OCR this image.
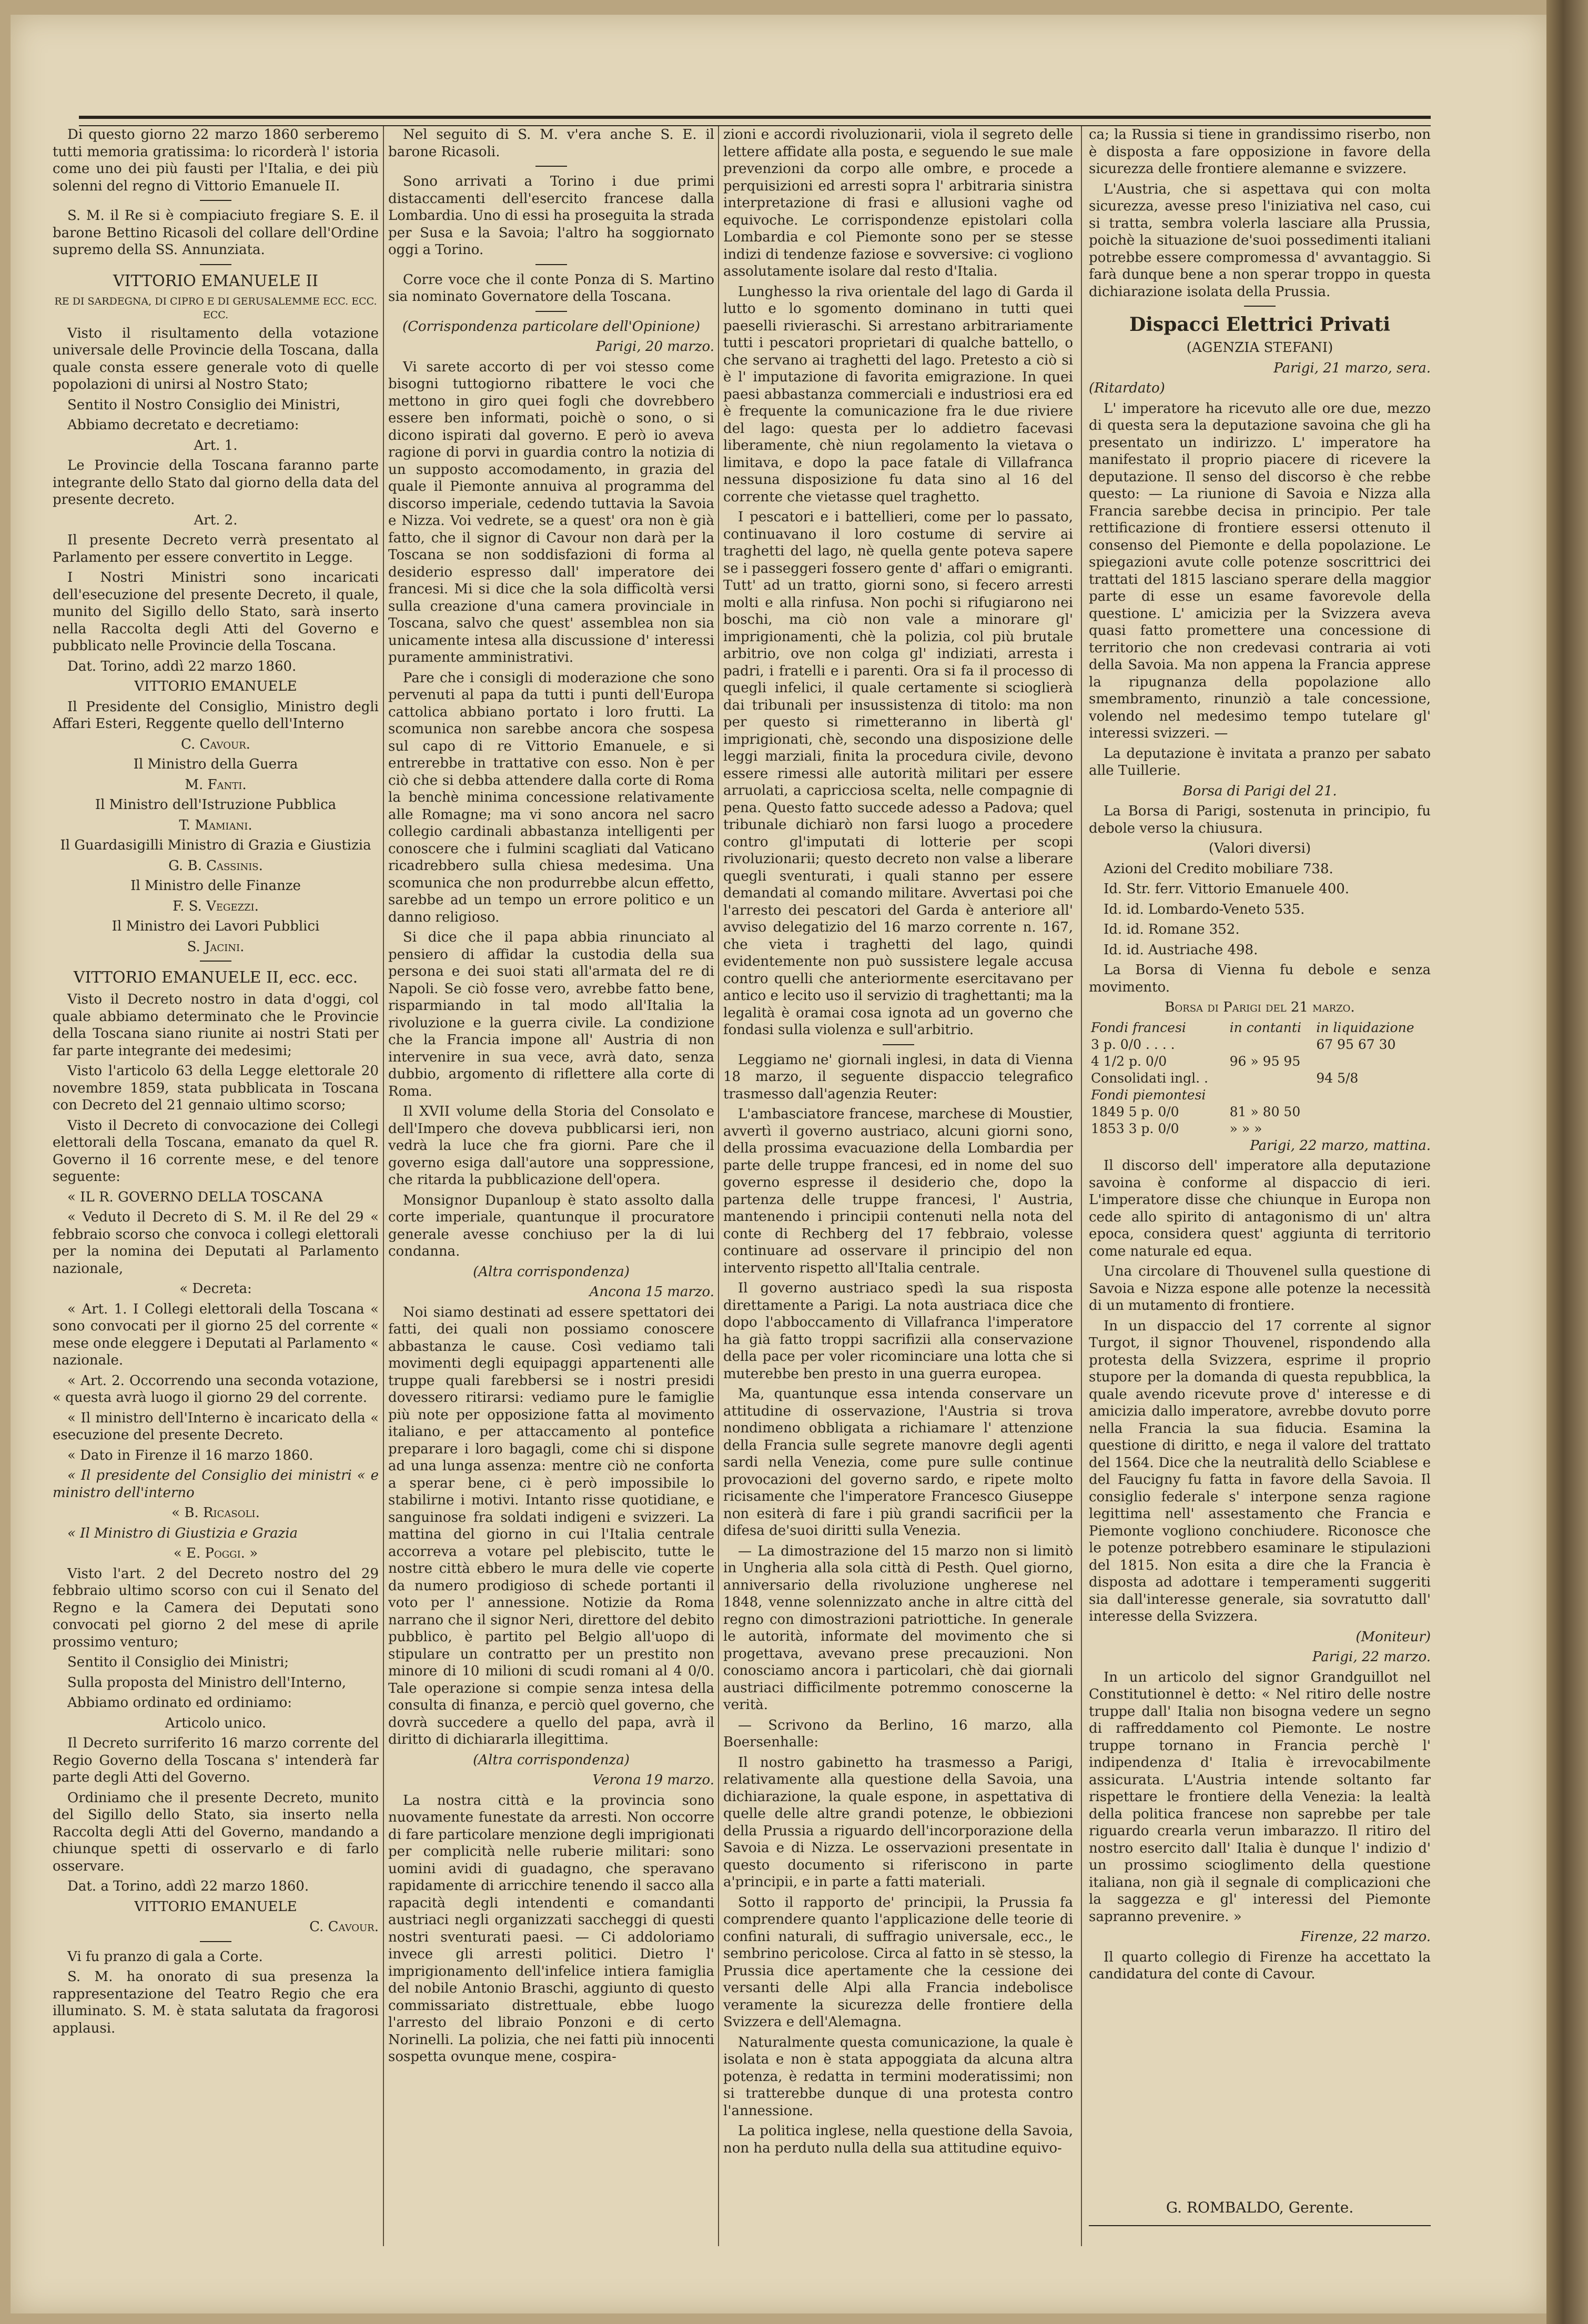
Di questo giorno 22 marzo 1860 serberemo tutti memoria gratissima: lo ricorderà l' istoria come uno dei più fausti per l'Italia, e dei più solenni del regno di Vittorio Emanuele II.

S. M. il Re si è compiaciuto fregiare S. E. il barone Bettino Ricasoli del collare dell'Ordine supremo della SS. Annunziata.

VITTORIO EMANUELE II

RE DI SARDEGNA, DI CIPRO E DI GERUSALEMME ECC. ECC. ECC.

Visto il risultamento della votazione universale delle Provincie della Toscana, dalla quale consta essere generale voto di quelle popolazioni di unirsi al Nostro Stato;

Sentito il Nostro Consiglio dei Ministri,

Abbiamo decretato e decretiamo:

Art. 1.

Le Provincie della Toscana faranno parte integrante dello Stato dal giorno della data del presente decreto.

Art. 2.

Il presente Decreto verrà presentato al Parlamento per essere convertito in Legge.

I Nostri Ministri sono incaricati dell'esecuzione del presente Decreto, il quale, munito del Sigillo dello Stato, sarà inserto nella Raccolta degli Atti del Governo e pubblicato nelle Provincie della Toscana.

Dat. Torino, addì 22 marzo 1860.

VITTORIO EMANUELE

Il Presidente del Consiglio, Ministro degli Affari Esteri, Reggente quello dell'Interno

C. Cavour.

Il Ministro della Guerra

M. Fanti.

Il Ministro dell'Istruzione Pubblica

T. Mamiani.

Il Guardasigilli Ministro di Grazia e Giustizia

G. B. Cassinis.

Il Ministro delle Finanze

F. S. Vegezzi.

Il Ministro dei Lavori Pubblici

S. Jacini.

VITTORIO EMANUELE II, ecc. ecc.

Visto il Decreto nostro in data d'oggi, col quale abbiamo determinato che le Provincie della Toscana siano riunite ai nostri Stati per far parte integrante dei medesimi;

Visto l'articolo 63 della Legge elettorale 20 novembre 1859, stata pubblicata in Toscana con Decreto del 21 gennaio ultimo scorso;

Visto il Decreto di convocazione dei Collegi elettorali della Toscana, emanato da quel R. Governo il 16 corrente mese, e del tenore seguente:

« IL R. GOVERNO DELLA TOSCANA

« Veduto il Decreto di S. M. il Re del 29 « febbraio scorso che convoca i collegi elettorali per la nomina dei Deputati al Parlamento nazionale,

« Decreta:

« Art. 1. I Collegi elettorali della Toscana « sono convocati per il giorno 25 del corrente « mese onde eleggere i Deputati al Parlamento « nazionale.

« Art. 2. Occorrendo una seconda votazione, « questa avrà luogo il giorno 29 del corrente.

« Il ministro dell'Interno è incaricato della « esecuzione del presente Decreto.

« Dato in Firenze il 16 marzo 1860.

« Il presidente del Consiglio dei ministri « e ministro dell'interno

« B. Ricasoli.

« Il Ministro di Giustizia e Grazia

« E. Poggi. »

Visto l'art. 2 del Decreto nostro del 29 febbraio ultimo scorso con cui il Senato del Regno e la Camera dei Deputati sono convocati pel giorno 2 del mese di aprile prossimo venturo;

Sentito il Consiglio dei Ministri;

Sulla proposta del Ministro dell'Interno,

Abbiamo ordinato ed ordiniamo:

Articolo unico.

Il Decreto surriferito 16 marzo corrente del Regio Governo della Toscana s' intenderà far parte degli Atti del Governo.

Ordiniamo che il presente Decreto, munito del Sigillo dello Stato, sia inserto nella Raccolta degli Atti del Governo, mandando a chiunque spetti di osservarlo e di farlo osservare.

Dat. a Torino, addì 22 marzo 1860.

VITTORIO EMANUELE

C. Cavour.

Vi fu pranzo di gala a Corte.

S. M. ha onorato di sua presenza la rappresentazione del Teatro Regio che era illuminato. S. M. è stata salutata da fragorosi applausi.

Nel seguito di S. M. v'era anche S. E. il barone Ricasoli.

Sono arrivati a Torino i due primi distaccamenti dell'esercito francese dalla Lombardia. Uno di essi ha proseguita la strada per Susa e la Savoia; l'altro ha soggiornato oggi a Torino.

Corre voce che il conte Ponza di S. Martino sia nominato Governatore della Toscana.

(Corrispondenza particolare dell'Opinione)

Parigi, 20 marzo.

Vi sarete accorto di per voi stesso come bisogni tuttogiorno ribattere le voci che mettono in giro quei fogli che dovrebbero essere ben informati, poichè o sono, o si dicono ispirati dal governo. E però io aveva ragione di porvi in guardia contro la notizia di un supposto accomodamento, in grazia del quale il Piemonte annuiva al programma del discorso imperiale, cedendo tuttavia la Savoia e Nizza. Voi vedrete, se a quest' ora non è già fatto, che il signor di Cavour non darà per la Toscana se non soddisfazioni di forma al desiderio espresso dall' imperatore dei francesi. Mi si dice che la sola difficoltà versi sulla creazione d'una camera provinciale in Toscana, salvo che quest' assemblea non sia unicamente intesa alla discussione d' interessi puramente amministrativi.

Pare che i consigli di moderazione che sono pervenuti al papa da tutti i punti dell'Europa cattolica abbiano portato i loro frutti. La scomunica non sarebbe ancora che sospesa sul capo di re Vittorio Emanuele, e si entrerebbe in trattative con esso. Non è per ciò che si debba attendere dalla corte di Roma la benchè minima concessione relativamente alle Romagne; ma vi sono ancora nel sacro collegio cardinali abbastanza intelligenti per conoscere che i fulmini scagliati dal Vaticano ricadrebbero sulla chiesa medesima. Una scomunica che non produrrebbe alcun effetto, sarebbe ad un tempo un errore politico e un danno religioso.

Si dice che il papa abbia rinunciato al pensiero di affidar la custodia della sua persona e dei suoi stati all'armata del re di Napoli. Se ciò fosse vero, avrebbe fatto bene, risparmiando in tal modo all'Italia la rivoluzione e la guerra civile. La condizione che la Francia impone all' Austria di non intervenire in sua vece, avrà dato, senza dubbio, argomento di riflettere alla corte di Roma.

Il XVII volume della Storia del Consolato e dell'Impero che doveva pubblicarsi ieri, non vedrà la luce che fra giorni. Pare che il governo esiga dall'autore una soppressione, che ritarda la pubblicazione dell'opera.

Monsignor Dupanloup è stato assolto dalla corte imperiale, quantunque il procuratore generale avesse conchiuso per la di lui condanna.

(Altra corrispondenza)

Ancona 15 marzo.

Noi siamo destinati ad essere spettatori dei fatti, dei quali non possiamo conoscere abbastanza le cause. Così vediamo tali movimenti degli equipaggi appartenenti alle truppe quali farebbersi se i nostri presidi dovessero ritirarsi: vediamo pure le famiglie più note per opposizione fatta al movimento italiano, e per attaccamento al pontefice preparare i loro bagagli, come chi si dispone ad una lunga assenza: mentre ciò ne conforta a sperar bene, ci è però impossibile lo stabilirne i motivi. Intanto risse quotidiane, e sanguinose fra soldati indigeni e svizzeri. La mattina del giorno in cui l'Italia centrale accorreva a votare pel plebiscito, tutte le nostre città ebbero le mura delle vie coperte da numero prodigioso di schede portanti il voto per l' annessione. Notizie da Roma narrano che il signor Neri, direttore del debito pubblico, è partito pel Belgio all'uopo di stipulare un contratto per un prestito non minore di 10 milioni di scudi romani al 4 0/0. Tale operazione si compie senza intesa della consulta di finanza, e perciò quel governo, che dovrà succedere a quello del papa, avrà il diritto di dichiararla illegittima.

(Altra corrispondenza)

Verona 19 marzo.

La nostra città e la provincia sono nuovamente funestate da arresti. Non occorre di fare particolare menzione degli imprigionati per complicità nelle ruberie militari: sono uomini avidi di guadagno, che speravano rapidamente di arricchire tenendo il sacco alla rapacità degli intendenti e comandanti austriaci negli organizzati saccheggi di questi nostri sventurati paesi. — Ci addoloriamo invece gli arresti politici. Dietro l' imprigionamento dell'infelice intiera famiglia del nobile Antonio Braschi, aggiunto di questo commissariato distrettuale, ebbe luogo l'arresto del libraio Ponzoni e di certo Norinelli. La polizia, che nei fatti più innocenti sospetta ovunque mene, cospira-

zioni e accordi rivoluzionarii, viola il segreto delle lettere affidate alla posta, e seguendo le sue male prevenzioni da corpo alle ombre, e procede a perquisizioni ed arresti sopra l' arbitraria sinistra interpretazione di frasi e allusioni vaghe od equivoche. Le corrispondenze epistolari colla Lombardia e col Piemonte sono per se stesse indizi di tendenze faziose e sovversive: ci vogliono assolutamente isolare dal resto d'Italia.

Lunghesso la riva orientale del lago di Garda il lutto e lo sgomento dominano in tutti quei paeselli rivieraschi. Si arrestano arbitrariamente tutti i pescatori proprietari di qualche battello, o che servano ai traghetti del lago. Pretesto a ciò si è l' imputazione di favorita emigrazione. In quei paesi abbastanza commerciali e industriosi era ed è frequente la comunicazione fra le due riviere del lago: questa per lo addietro facevasi liberamente, chè niun regolamento la vietava o limitava, e dopo la pace fatale di Villafranca nessuna disposizione fu data sino al 16 del corrente che vietasse quel traghetto.

I pescatori e i battellieri, come per lo passato, continuavano il loro costume di servire ai traghetti del lago, nè quella gente poteva sapere se i passeggeri fossero gente d' affari o emigranti. Tutt' ad un tratto, giorni sono, si fecero arresti molti e alla rinfusa. Non pochi si rifugiarono nei boschi, ma ciò non vale a minorare gl' imprigionamenti, chè la polizia, col più brutale arbitrio, ove non colga gl' indiziati, arresta i padri, i fratelli e i parenti. Ora si fa il processo di quegli infelici, il quale certamente si scioglierà dai tribunali per insussistenza di titolo: ma non per questo si rimetteranno in libertà gl' imprigionati, chè, secondo una disposizione delle leggi marziali, finita la procedura civile, devono essere rimessi alle autorità militari per essere arruolati, a capricciosa scelta, nelle compagnie di pena. Questo fatto succede adesso a Padova; quel tribunale dichiarò non farsi luogo a procedere contro gl'imputati di lotterie per scopi rivoluzionarii; questo decreto non valse a liberare quegli sventurati, i quali stanno per essere demandati al comando militare. Avvertasi poi che l'arresto dei pescatori del Garda è anteriore all' avviso delegatizio del 16 marzo corrente n. 167, che vieta i traghetti del lago, quindi evidentemente non può sussistere legale accusa contro quelli che anteriormente esercitavano per antico e lecito uso il servizio di traghettanti; ma la legalità è oramai cosa ignota ad un governo che fondasi sulla violenza e sull'arbitrio.

Leggiamo ne' giornali inglesi, in data di Vienna 18 marzo, il seguente dispaccio telegrafico trasmesso dall'agenzia Reuter:

L'ambasciatore francese, marchese di Moustier, avvertì il governo austriaco, alcuni giorni sono, della prossima evacuazione della Lombardia per parte delle truppe francesi, ed in nome del suo governo espresse il desiderio che, dopo la partenza delle truppe francesi, l' Austria, mantenendo i principii contenuti nella nota del conte di Rechberg del 17 febbraio, volesse continuare ad osservare il principio del non intervento rispetto all'Italia centrale.

Il governo austriaco spedì la sua risposta direttamente a Parigi. La nota austriaca dice che dopo l'abboccamento di Villafranca l'imperatore ha già fatto troppi sacrifizii alla conservazione della pace per voler ricominciare una lotta che si muterebbe ben presto in una guerra europea.

Ma, quantunque essa intenda conservare un attitudine di osservazione, l'Austria si trova nondimeno obbligata a richiamare l' attenzione della Francia sulle segrete manovre degli agenti sardi nella Venezia, come pure sulle continue provocazioni del governo sardo, e ripete molto ricisamente che l'imperatore Francesco Giuseppe non esiterà di fare i più grandi sacrificii per la difesa de'suoi diritti sulla Venezia.

— La dimostrazione del 15 marzo non si limitò in Ungheria alla sola città di Pesth. Quel giorno, anniversario della rivoluzione ungherese nel 1848, venne solennizzato anche in altre città del regno con dimostrazioni patriottiche. In generale le autorità, informate del movimento che si progettava, avevano prese precauzioni. Non conosciamo ancora i particolari, chè dai giornali austriaci difficilmente potremmo conoscerne la verità.

— Scrivono da Berlino, 16 marzo, alla Boersenhalle:

Il nostro gabinetto ha trasmesso a Parigi, relativamente alla questione della Savoia, una dichiarazione, la quale espone, in aspettativa di quelle delle altre grandi potenze, le obbiezioni della Prussia a riguardo dell'incorporazione della Savoia e di Nizza. Le osservazioni presentate in questo documento si riferiscono in parte a'principii, e in parte a fatti materiali.

Sotto il rapporto de' principii, la Prussia fa comprendere quanto l'applicazione delle teorie di confini naturali, di suffragio universale, ecc., le sembrino pericolose. Circa al fatto in sè stesso, la Prussia dice apertamente che la cessione dei versanti delle Alpi alla Francia indebolisce veramente la sicurezza delle frontiere della Svizzera e dell'Alemagna.

Naturalmente questa comunicazione, la quale è isolata e non è stata appoggiata da alcuna altra potenza, è redatta in termini moderatissimi; non si tratterebbe dunque di una protesta contro l'annessione.

La politica inglese, nella questione della Savoia, non ha perduto nulla della sua attitudine equivo-

ca; la Russia si tiene in grandissimo riserbo, non è disposta a fare opposizione in favore della sicurezza delle frontiere alemanne e svizzere.

L'Austria, che si aspettava qui con molta sicurezza, avesse preso l'iniziativa nel caso, cui si tratta, sembra volerla lasciare alla Prussia, poichè la situazione de'suoi possedimenti italiani potrebbe essere compromessa d' avvantaggio. Si farà dunque bene a non sperar troppo in questa dichiarazione isolata della Prussia.

Dispacci Elettrici Privati

(AGENZIA STEFANI)

Parigi, 21 marzo, sera.

(Ritardato)

L' imperatore ha ricevuto alle ore due, mezzo di questa sera la deputazione savoina che gli ha presentato un indirizzo. L' imperatore ha manifestato il proprio piacere di ricevere la deputazione. Il senso del discorso è che rebbe questo: — La riunione di Savoia e Nizza alla Francia sarebbe decisa in principio. Per tale rettificazione di frontiere essersi ottenuto il consenso del Piemonte e della popolazione. Le spiegazioni avute colle potenze soscrittrici dei trattati del 1815 lasciano sperare della maggior parte di esse un esame favorevole della questione. L' amicizia per la Svizzera aveva quasi fatto promettere una concessione di territorio che non credevasi contraria ai voti della Savoia. Ma non appena la Francia apprese la ripugnanza della popolazione allo smembramento, rinunziò a tale concessione, volendo nel medesimo tempo tutelare gl' interessi svizzeri. —

La deputazione è invitata a pranzo per sabato alle Tuillerie.

Borsa di Parigi del 21.

La Borsa di Parigi, sostenuta in principio, fu debole verso la chiusura.

(Valori diversi)

Azioni del Credito mobiliare 738.

Id. Str. ferr. Vittorio Emanuele 400.

Id. id. Lombardo-Veneto 535.

Id. id. Romane 352.

Id. id. Austriache 498.

La Borsa di Vienna fu debole e senza movimento.

Borsa di Parigi del 21 marzo.

Fondi francesi	in contanti	in liquidazione
3 p. 0/0 . . . .		67 95 67 30
4 1/2 p. 0/0	96 » 95 95	
Consolidati ingl. .		94 5/8
Fondi piemontesi		
1849 5 p. 0/0	81 » 80 50	
1853 3 p. 0/0	» » »	

Parigi, 22 marzo, mattina.

Il discorso dell' imperatore alla deputazione savoina è conforme al dispaccio di ieri. L'imperatore disse che chiunque in Europa non cede allo spirito di antagonismo di un' altra epoca, considera quest' aggiunta di territorio come naturale ed equa.

Una circolare di Thouvenel sulla questione di Savoia e Nizza espone alle potenze la necessità di un mutamento di frontiere.

In un dispaccio del 17 corrente al signor Turgot, il signor Thouvenel, rispondendo alla protesta della Svizzera, esprime il proprio stupore per la domanda di questa repubblica, la quale avendo ricevute prove d' interesse e di amicizia dallo imperatore, avrebbe dovuto porre nella Francia la sua fiducia. Esamina la questione di diritto, e nega il valore del trattato del 1564. Dice che la neutralità dello Sciablese e del Faucigny fu fatta in favore della Savoia. Il consiglio federale s' interpone senza ragione legittima nell' assestamento che Francia e Piemonte vogliono conchiudere. Riconosce che le potenze potrebbero esaminare le stipulazioni del 1815. Non esita a dire che la Francia è disposta ad adottare i temperamenti suggeriti sia dall'interesse generale, sia sovratutto dall' interesse della Svizzera.

(Moniteur)

Parigi, 22 marzo.

In un articolo del signor Grandguillot nel Constitutionnel è detto: « Nel ritiro delle nostre truppe dall' Italia non bisogna vedere un segno di raffreddamento col Piemonte. Le nostre truppe tornano in Francia perchè l' indipendenza d' Italia è irrevocabilmente assicurata. L'Austria intende soltanto far rispettare le frontiere della Venezia: la lealtà della politica francese non saprebbe per tale riguardo crearla verun imbarazzo. Il ritiro del nostro esercito dall' Italia è dunque l' indizio d' un prossimo scioglimento della questione italiana, non già il segnale di complicazioni che la saggezza e gl' interessi del Piemonte sapranno prevenire. »

Firenze, 22 marzo.

Il quarto collegio di Firenze ha accettato la candidatura del conte di Cavour.

G. ROMBALDO, Gerente.
